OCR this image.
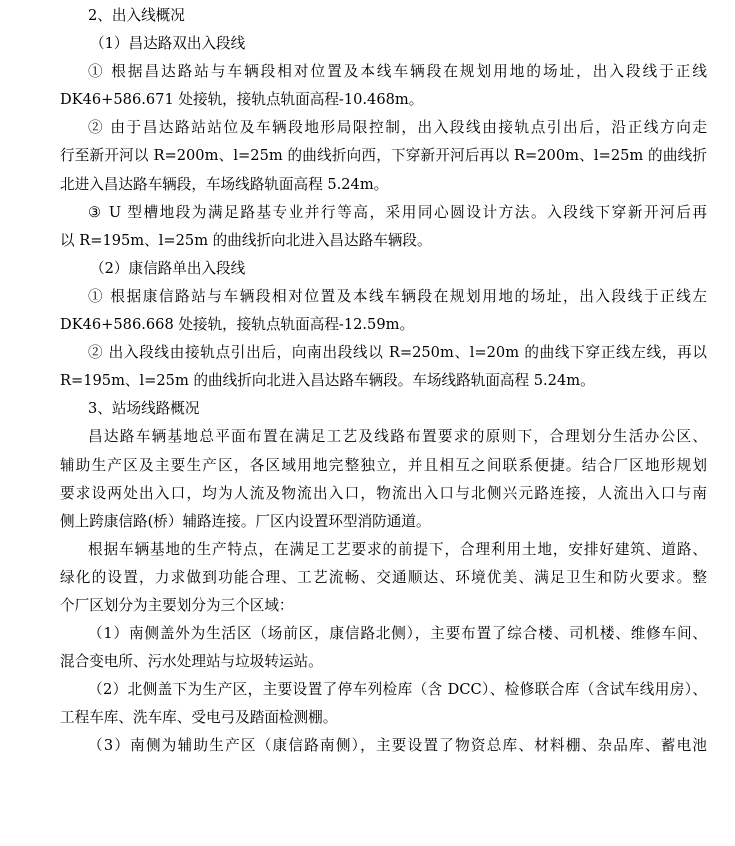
2、出入线概况
（1）昌达路双出入段线
① 根据昌达路站与车辆段相对位置及本线车辆段在规划用地的场址，出入段线于正线
DK46+586.671 处接轨，接轨点轨面高程-10.468m。
② 由于昌达路站站位及车辆段地形局限控制，出入段线由接轨点引出后，沿正线方向走
行至新开河以 R=200m、l=25m 的曲线折向西，下穿新开河后再以 R=200m、l=25m 的曲线折
北进入昌达路车辆段，车场线路轨面高程 5.24m。
③ U 型槽地段为满足路基专业并行等高，采用同心圆设计方法。入段线下穿新开河后再
以 R=195m、l=25m 的曲线折向北进入昌达路车辆段。
（2）康信路单出入段线
① 根据康信路站与车辆段相对位置及本线车辆段在规划用地的场址，出入段线于正线左
DK46+586.668 处接轨，接轨点轨面高程-12.59m。
② 出入段线由接轨点引出后，向南出段线以 R=250m、l=20m 的曲线下穿正线左线，再以
R=195m、l=25m 的曲线折向北进入昌达路车辆段。车场线路轨面高程 5.24m。
3、站场线路概况
昌达路车辆基地总平面布置在满足工艺及线路布置要求的原则下，合理划分生活办公区、
辅助生产区及主要生产区，各区域用地完整独立，并且相互之间联系便捷。结合厂区地形规划
要求设两处出入口，均为人流及物流出入口，物流出入口与北侧兴元路连接，人流出入口与南
侧上跨康信路(桥）辅路连接。厂区内设置环型消防通道。
根据车辆基地的生产特点，在满足工艺要求的前提下，合理利用土地，安排好建筑、道路、
绿化的设置，力求做到功能合理、工艺流畅、交通顺达、环境优美、满足卫生和防火要求。整
个厂区划分为主要划分为三个区域：
（1）南侧盖外为生活区（场前区，康信路北侧），主要布置了综合楼、司机楼、维修车间、
混合变电所、污水处理站与垃圾转运站。
（2）北侧盖下为生产区，主要设置了停车列检库（含 DCC）、检修联合库（含试车线用房）、
工程车库、洗车库、受电弓及踏面检测棚。
（3）南侧为辅助生产区（康信路南侧），主要设置了物资总库、材料棚、杂品库、蓄电池
